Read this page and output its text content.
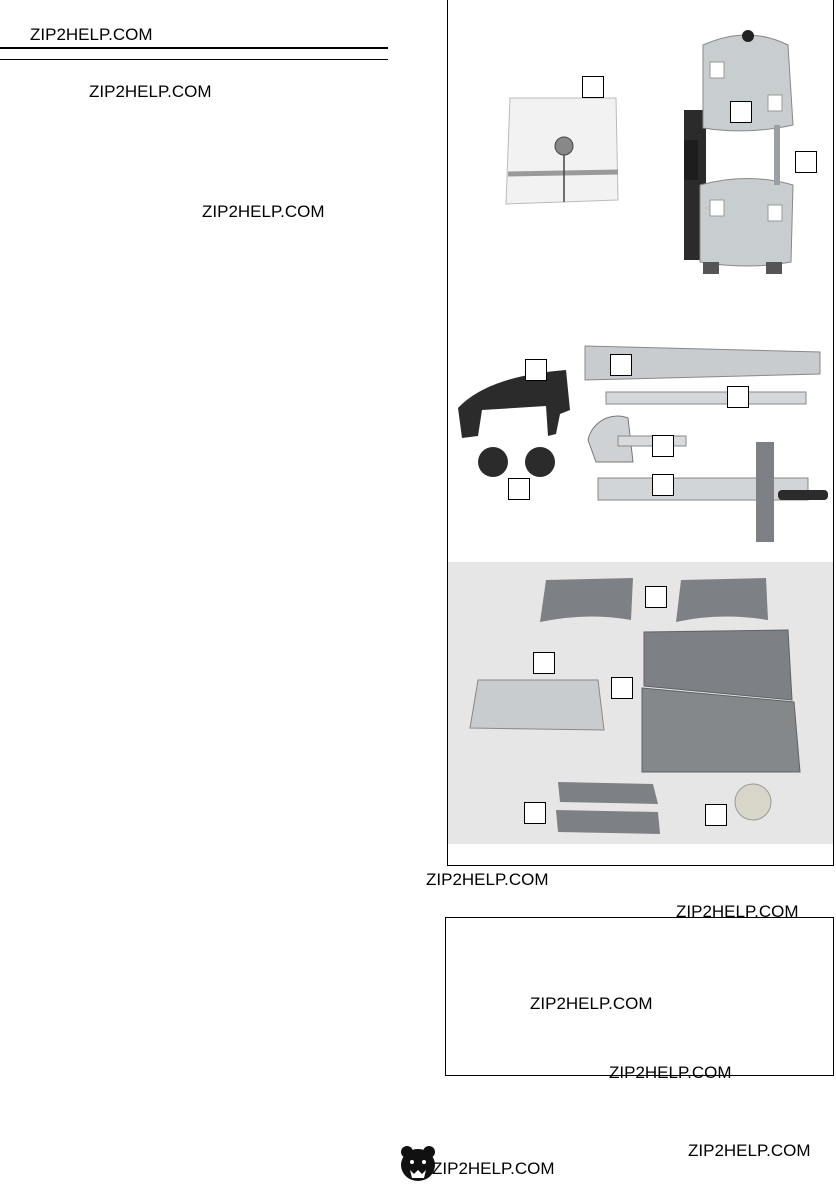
ZIP2HELP.COM
ZIP2HELP.COM
ZIP2HELP.COM
ZIP2HELP.COM
ZIP2HELP.COM
ZIP2HELP.COM
ZIP2HELP.COM
ZIP2HELP.COM
ZIP2HELP.COM
